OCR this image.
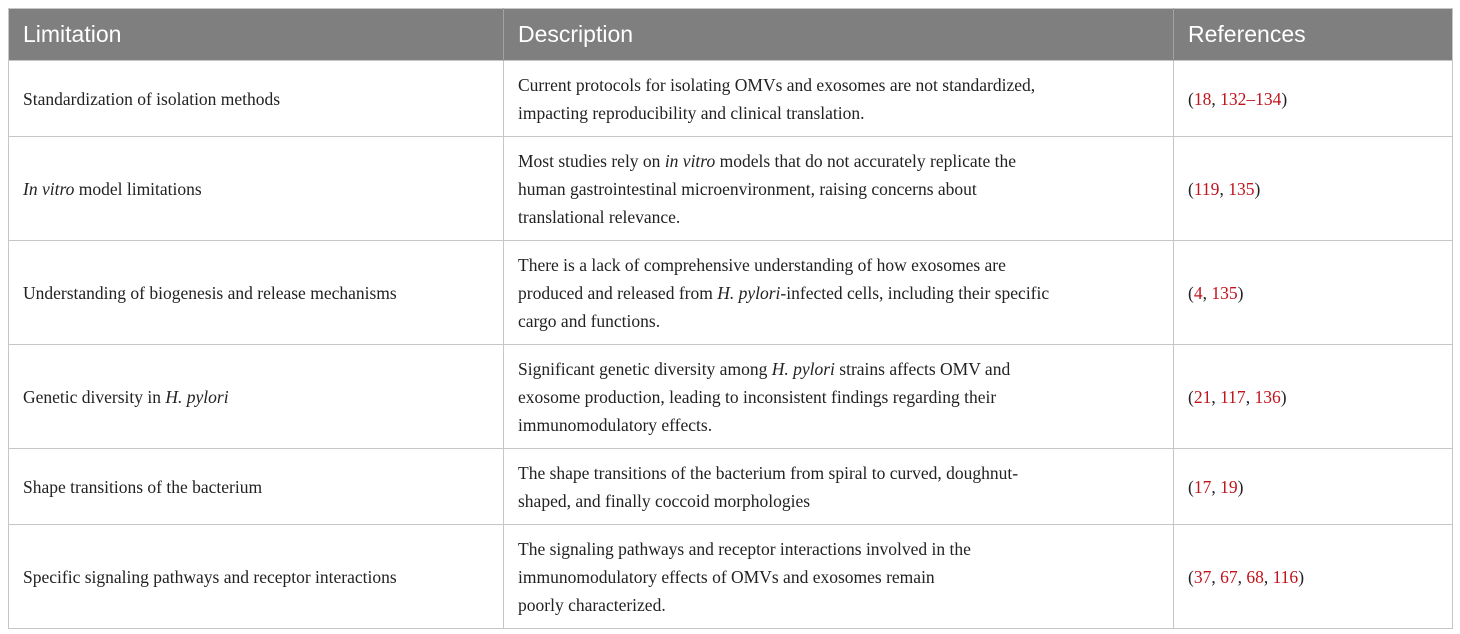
Limitation	Description	References
Standardization of isolation methods	Current protocols for isolating OMVs and exosomes are not standardized,
impacting reproducibility and clinical translation.	(18, 132–134)
In vitro model limitations	Most studies rely on in vitro models that do not accurately replicate the
human gastrointestinal microenvironment, raising concerns about
translational relevance.	(119, 135)
Understanding of biogenesis and release mechanisms	There is a lack of comprehensive understanding of how exosomes are
produced and released from H. pylori-infected cells, including their specific
cargo and functions.	(4, 135)
Genetic diversity in H. pylori	Significant genetic diversity among H. pylori strains affects OMV and
exosome production, leading to inconsistent findings regarding their
immunomodulatory effects.	(21, 117, 136)
Shape transitions of the bacterium	The shape transitions of the bacterium from spiral to curved, doughnut-
shaped, and finally coccoid morphologies	(17, 19)
Specific signaling pathways and receptor interactions	The signaling pathways and receptor interactions involved in the
immunomodulatory effects of OMVs and exosomes remain
poorly characterized.	(37, 67, 68, 116)
